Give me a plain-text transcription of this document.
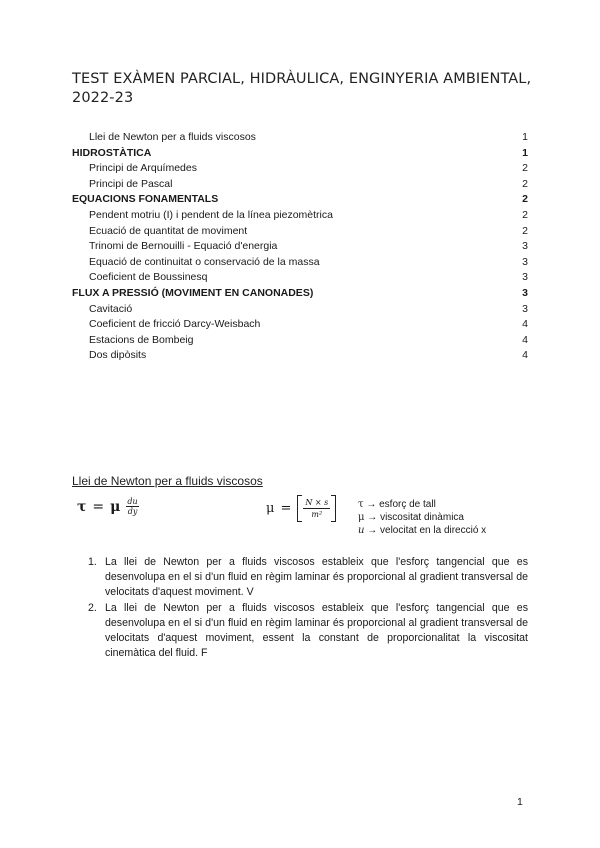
TEST EXÀMEN PARCIAL, HIDRÀULICA, ENGINYERIA AMBIENTAL, 2022-23
Llei de Newton per a fluids viscosos	1
HIDROSTÀTICA	1
Principi de Arquímedes	2
Principi de Pascal	2
EQUACIONS FONAMENTALS	2
Pendent motriu (I) i pendent de la línea piezomètrica	2
Ecuació de quantitat de moviment	2
Trinomi de Bernouilli - Equació d'energia	3
Equació de continuitat o conservació de la massa	3
Coeficient de Boussinesq	3
FLUX A PRESSIÓ (MOVIMENT EN CANONADES)	3
Cavitació	3
Coeficient de fricció Darcy-Weisbach	4
Estacions de Bombeig	4
Dos dipòsits	4
Llei de Newton per a fluids viscosos
τ = μ $\frac{du}{dy}$	$\mu = \frac{N \times s}{\text{m²}}$	τ → esforç de tall
μ → viscositat dinàmica
u → velocitat en la direcció x
1. La llei de Newton per a fluids viscosos estableix que l'esforç tangencial que es desenvolupa en el si d'un fluid en règim laminar és proporcional al gradient transversal de velocitats d'aquest moviment. V
2. La llei de Newton per a fluids viscosos estableix que l'esforç tangencial que es desenvolupa en el si d'un fluid en règim laminar és proporcional al gradient transversal de velocitats d'aquest moviment, essent la constant de proporcionalitat la viscositat cinemàtica del fluid. F
1
